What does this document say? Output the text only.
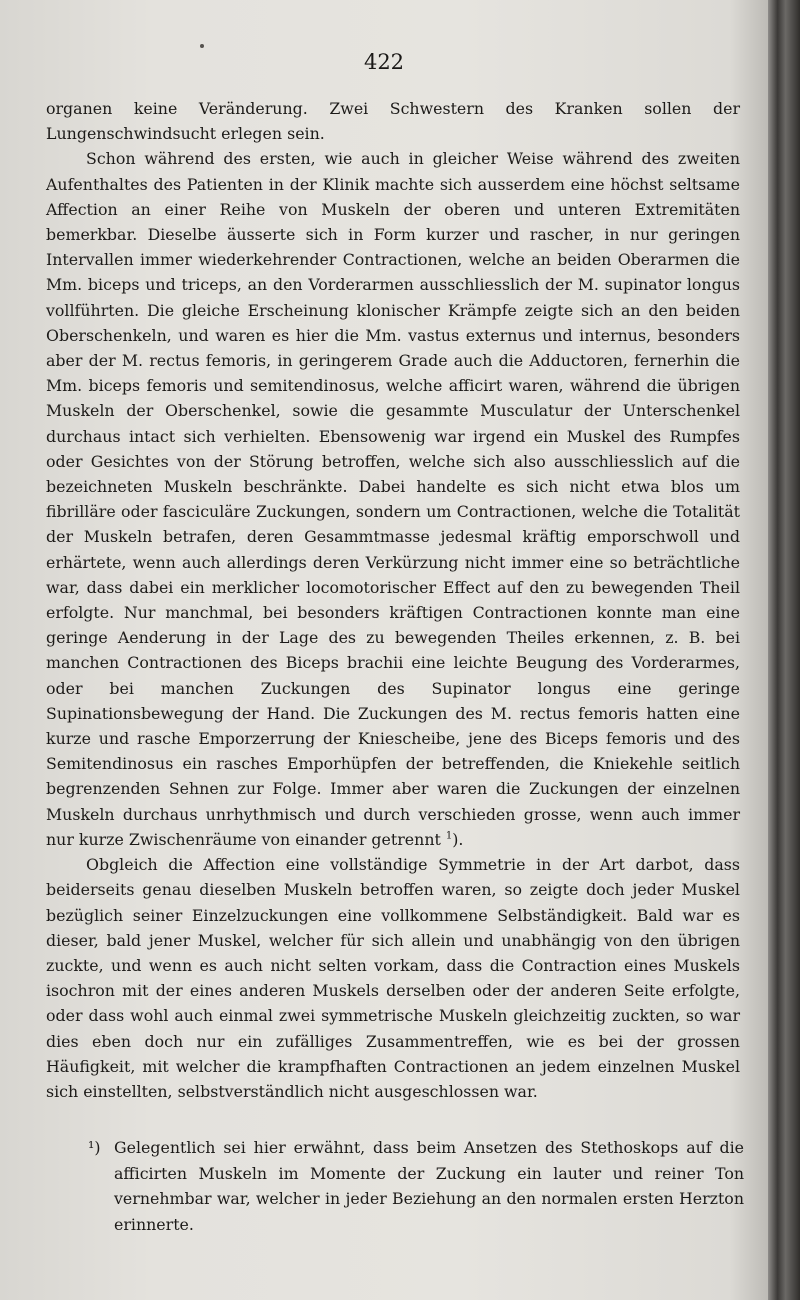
422

organen keine Veränderung. Zwei Schwestern des Kranken sollen der Lungenschwindsucht erlegen sein.

Schon während des ersten, wie auch in gleicher Weise während des zweiten Aufenthaltes des Patienten in der Klinik machte sich ausserdem eine höchst seltsame Affection an einer Reihe von Muskeln der oberen und unteren Extremitäten bemerkbar. Dieselbe äusserte sich in Form kurzer und rascher, in nur geringen Intervallen immer wiederkehrender Contractionen, welche an beiden Oberarmen die Mm. biceps und triceps, an den Vorderarmen ausschliesslich der M. supinator longus vollführten. Die gleiche Erscheinung klonischer Krämpfe zeigte sich an den beiden Oberschenkeln, und waren es hier die Mm. vastus externus und internus, besonders aber der M. rectus femoris, in geringerem Grade auch die Adductoren, fernerhin die Mm. biceps femoris und semitendinosus, welche afficirt waren, während die übrigen Muskeln der Oberschenkel, sowie die gesammte Musculatur der Unterschenkel durchaus intact sich verhielten. Ebensowenig war irgend ein Muskel des Rumpfes oder Gesichtes von der Störung betroffen, welche sich also ausschliesslich auf die bezeichneten Muskeln beschränkte. Dabei handelte es sich nicht etwa blos um fibrilläre oder fasciculäre Zuckungen, sondern um Contractionen, welche die Totalität der Muskeln betrafen, deren Gesammtmasse jedesmal kräftig emporschwoll und erhärtete, wenn auch allerdings deren Verkürzung nicht immer eine so beträchtliche war, dass dabei ein merklicher locomotorischer Effect auf den zu bewegenden Theil erfolgte. Nur manchmal, bei besonders kräftigen Contractionen konnte man eine geringe Aenderung in der Lage des zu bewegenden Theiles erkennen, z. B. bei manchen Contractionen des Biceps brachii eine leichte Beugung des Vorderarmes, oder bei manchen Zuckungen des Supinator longus eine geringe Supinationsbewegung der Hand. Die Zuckungen des M. rectus femoris hatten eine kurze und rasche Emporzerrung der Kniescheibe, jene des Biceps femoris und des Semitendinosus ein rasches Emporhüpfen der betreffenden, die Kniekehle seitlich begrenzenden Sehnen zur Folge. Immer aber waren die Zuckungen der einzelnen Muskeln durchaus unrhythmisch und durch verschieden grosse, wenn auch immer nur kurze Zwischenräume von einander getrennt $^1$).

Obgleich die Affection eine vollständige Symmetrie in der Art darbot, dass beiderseits genau dieselben Muskeln betroffen waren, so zeigte doch jeder Muskel bezüglich seiner Einzelzuckungen eine vollkommene Selbständigkeit. Bald war es dieser, bald jener Muskel, welcher für sich allein und unabhängig von den übrigen zuckte, und wenn es auch nicht selten vorkam, dass die Contraction eines Muskels isochron mit der eines anderen Muskels derselben oder der anderen Seite erfolgte, oder dass wohl auch einmal zwei symmetrische Muskeln gleichzeitig zuckten, so war dies eben doch nur ein zufälliges Zusammentreffen, wie es bei der grossen Häufigkeit, mit welcher die krampfhaften Contractionen an jedem einzelnen Muskel sich einstellten, selbstverständlich nicht ausgeschlossen war.

¹) Gelegentlich sei hier erwähnt, dass beim Ansetzen des Stethoskops auf die afficirten Muskeln im Momente der Zuckung ein lauter und reiner Ton vernehmbar war, welcher in jeder Beziehung an den normalen ersten Herzton erinnerte.
